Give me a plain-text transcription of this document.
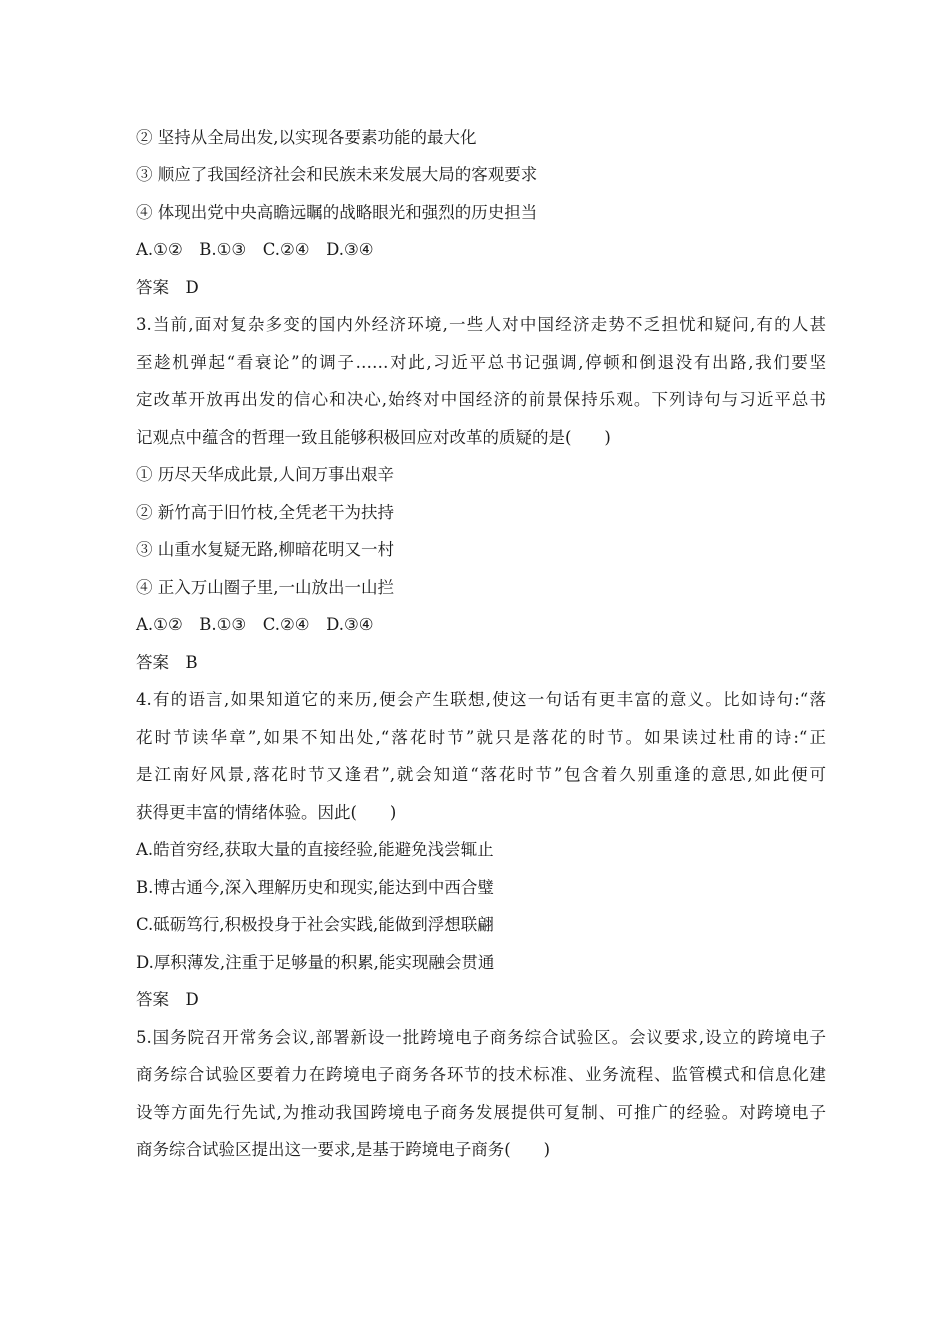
② 坚持从全局出发,以实现各要素功能的最大化
③ 顺应了我国经济社会和民族未来发展大局的客观要求
④ 体现出党中央高瞻远瞩的战略眼光和强烈的历史担当
A.①②　B.①③　C.②④　D.③④
答案　D
3.当前,面对复杂多变的国内外经济环境,一些人对中国经济走势不乏担忧和疑问,有的人甚
至趁机弹起“看衰论”的调子……对此,习近平总书记强调,停顿和倒退没有出路,我们要坚
定改革开放再出发的信心和决心,始终对中国经济的前景保持乐观。下列诗句与习近平总书
记观点中蕴含的哲理一致且能够积极回应对改革的质疑的是(　　)
① 历尽天华成此景,人间万事出艰辛
② 新竹高于旧竹枝,全凭老干为扶持
③ 山重水复疑无路,柳暗花明又一村
④ 正入万山圈子里,一山放出一山拦
A.①②　B.①③　C.②④　D.③④
答案　B
4.有的语言,如果知道它的来历,便会产生联想,使这一句话有更丰富的意义。比如诗句:“落
花时节读华章”,如果不知出处,“落花时节”就只是落花的时节。如果读过杜甫的诗:“正
是江南好风景,落花时节又逢君”,就会知道“落花时节”包含着久别重逢的意思,如此便可
获得更丰富的情绪体验。因此(　　)
A.皓首穷经,获取大量的直接经验,能避免浅尝辄止
B.博古通今,深入理解历史和现实,能达到中西合璧
C.砥砺笃行,积极投身于社会实践,能做到浮想联翩
D.厚积薄发,注重于足够量的积累,能实现融会贯通
答案　D
5.国务院召开常务会议,部署新设一批跨境电子商务综合试验区。会议要求,设立的跨境电子
商务综合试验区要着力在跨境电子商务各环节的技术标准、业务流程、监管模式和信息化建
设等方面先行先试,为推动我国跨境电子商务发展提供可复制、可推广的经验。对跨境电子
商务综合试验区提出这一要求,是基于跨境电子商务(　　)
